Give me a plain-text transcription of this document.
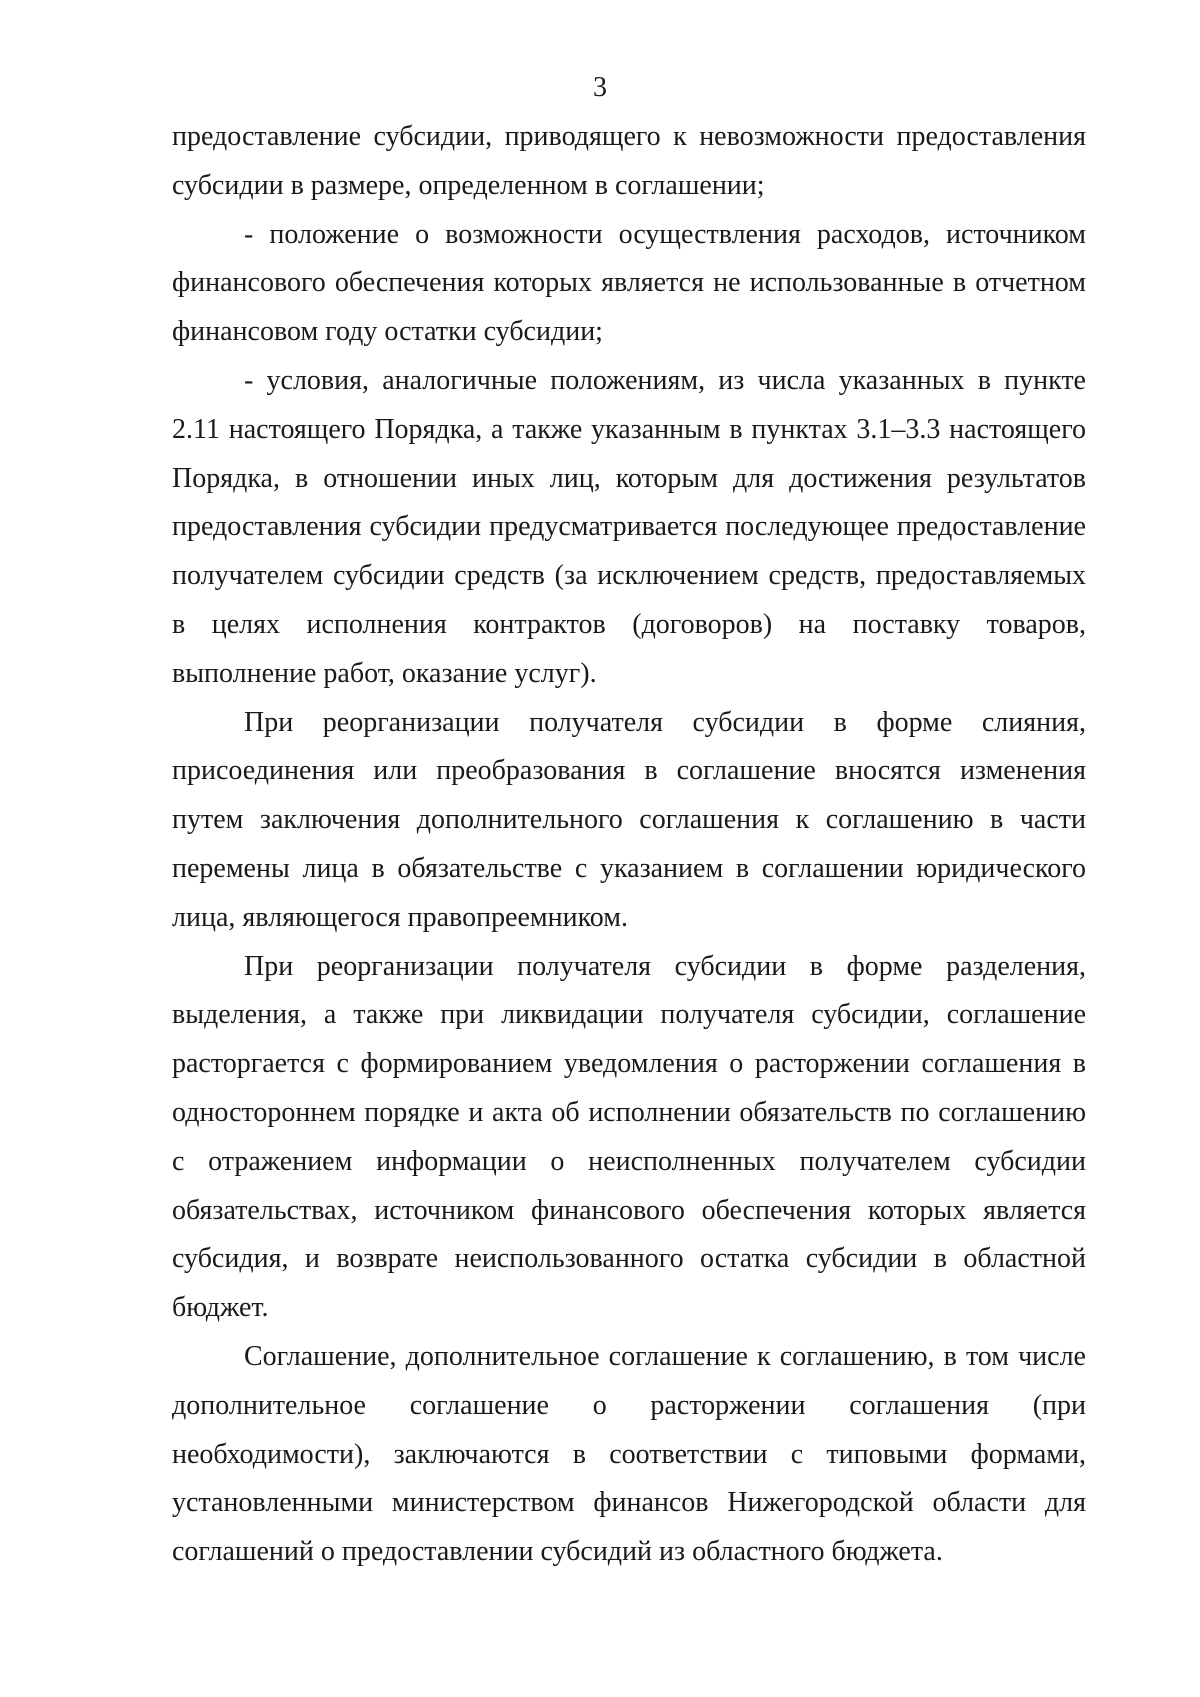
3

предоставление субсидии, приводящего к невозможности предоставления субсидии в размере, определенном в соглашении;

- положение о возможности осуществления расходов, источником финансового обеспечения которых является не использованные в отчетном финансовом году остатки субсидии;

- условия, аналогичные положениям, из числа указанных в пункте 2.11 настоящего Порядка, а также указанным в пунктах 3.1–3.3 настоящего Порядка, в отношении иных лиц, которым для достижения результатов предоставления субсидии предусматривается последующее предоставление получателем субсидии средств (за исключением средств, предоставляемых в целях исполнения контрактов (договоров) на поставку товаров, выполнение работ, оказание услуг).

При реорганизации получателя субсидии в форме слияния, присоединения или преобразования в соглашение вносятся изменения путем заключения дополнительного соглашения к соглашению в части перемены лица в обязательстве с указанием в соглашении юридического лица, являющегося правопреемником.

При реорганизации получателя субсидии в форме разделения, выделения, а также при ликвидации получателя субсидии, соглашение расторгается с формированием уведомления о расторжении соглашения в одностороннем порядке и акта об исполнении обязательств по соглашению с отражением информации о неисполненных получателем субсидии обязательствах, источником финансового обеспечения которых является субсидия, и возврате неиспользованного остатка субсидии в областной бюджет.

Соглашение, дополнительное соглашение к соглашению, в том числе дополнительное соглашение о расторжении соглашения (при необходимости), заключаются в соответствии с типовыми формами, установленными министерством финансов Нижегородской области для соглашений о предоставлении субсидий из областного бюджета.
